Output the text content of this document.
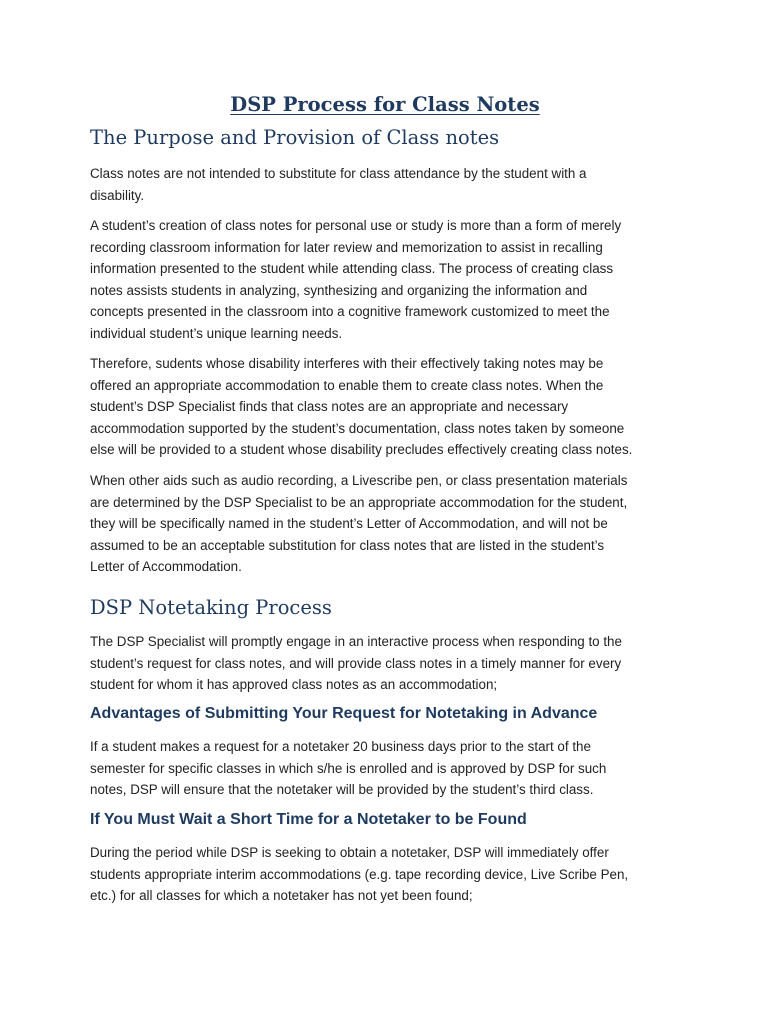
DSP Process for Class Notes
The Purpose and Provision of Class notes
Class notes are not intended to substitute for class attendance by the student with a
disability.
A student’s creation of class notes for personal use or study is more than a form of merely
recording classroom information for later review and memorization to assist in recalling
information presented to the student while attending class. The process of creating class
notes assists students in analyzing, synthesizing and organizing the information and
concepts presented in the classroom into a cognitive framework customized to meet the
individual student’s unique learning needs.
Therefore, sudents whose disability interferes with their effectively taking notes may be
offered an appropriate accommodation to enable them to create class notes. When the
student’s DSP Specialist finds that class notes are an appropriate and necessary
accommodation supported by the student’s documentation, class notes taken by someone
else will be provided to a student whose disability precludes effectively creating class notes.
When other aids such as audio recording, a Livescribe pen, or class presentation materials
are determined by the DSP Specialist to be an appropriate accommodation for the student,
they will be specifically named in the student’s Letter of Accommodation, and will not be
assumed to be an acceptable substitution for class notes that are listed in the student’s
Letter of Accommodation.
DSP Notetaking Process
The DSP Specialist will promptly engage in an interactive process when responding to the
student’s request for class notes, and will provide class notes in a timely manner for every
student for whom it has approved class notes as an accommodation;
Advantages of Submitting Your Request for Notetaking in Advance
If a student makes a request for a notetaker 20 business days prior to the start of the
semester for specific classes in which s/he is enrolled and is approved by DSP for such
notes, DSP will ensure that the notetaker will be provided by the student’s third class.
If You Must Wait a Short Time for a Notetaker to be Found
During the period while DSP is seeking to obtain a notetaker, DSP will immediately offer
students appropriate interim accommodations (e.g. tape recording device, Live Scribe Pen,
etc.) for all classes for which a notetaker has not yet been found;
